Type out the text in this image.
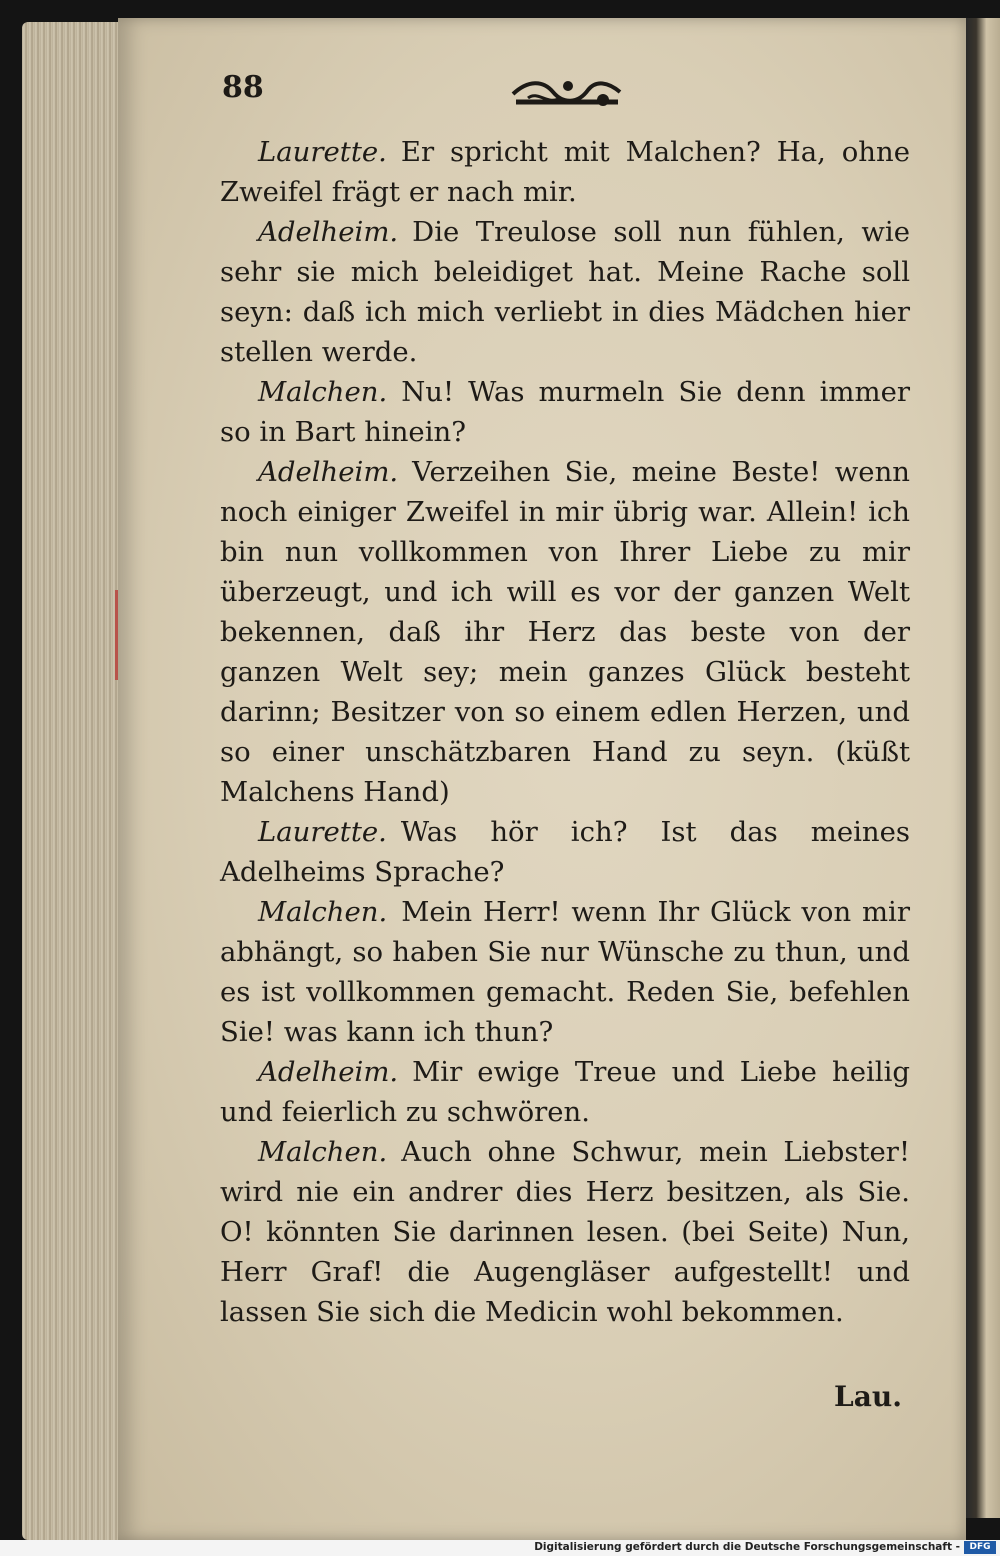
88

Laurette. Er spricht mit Malchen? Ha, ohne Zweifel frägt er nach mir.

Adelheim. Die Treulose soll nun fühlen, wie sehr sie mich beleidiget hat. Meine Rache soll seyn: daß ich mich verliebt in dies Mädchen hier stellen werde.

Malchen. Nu! Was murmeln Sie denn immer so in Bart hinein?

Adelheim. Verzeihen Sie, meine Beste! wenn noch einiger Zweifel in mir übrig war. Allein! ich bin nun vollkommen von Ihrer Liebe zu mir überzeugt, und ich will es vor der ganzen Welt bekennen, daß ihr Herz das beste von der ganzen Welt sey; mein ganzes Glück besteht darinn; Besitzer von so einem edlen Herzen, und so einer unschätzbaren Hand zu seyn. (küßt Malchens Hand)

Laurette. Was hör ich? Ist das meines Adelheims Sprache?

Malchen. Mein Herr! wenn Ihr Glück von mir abhängt, so haben Sie nur Wünsche zu thun, und es ist vollkommen gemacht. Reden Sie, befehlen Sie! was kann ich thun?

Adelheim. Mir ewige Treue und Liebe heilig und feierlich zu schwören.

Malchen. Auch ohne Schwur, mein Liebster! wird nie ein andrer dies Herz besitzen, als Sie. O! könnten Sie darinnen lesen. (bei Seite) Nun, Herr Graf! die Augengläser aufgestellt! und lassen Sie sich die Medicin wohl bekommen.

Lau.
Digitalisierung gefördert durch die Deutsche Forschungsgemeinschaft -	DFG
